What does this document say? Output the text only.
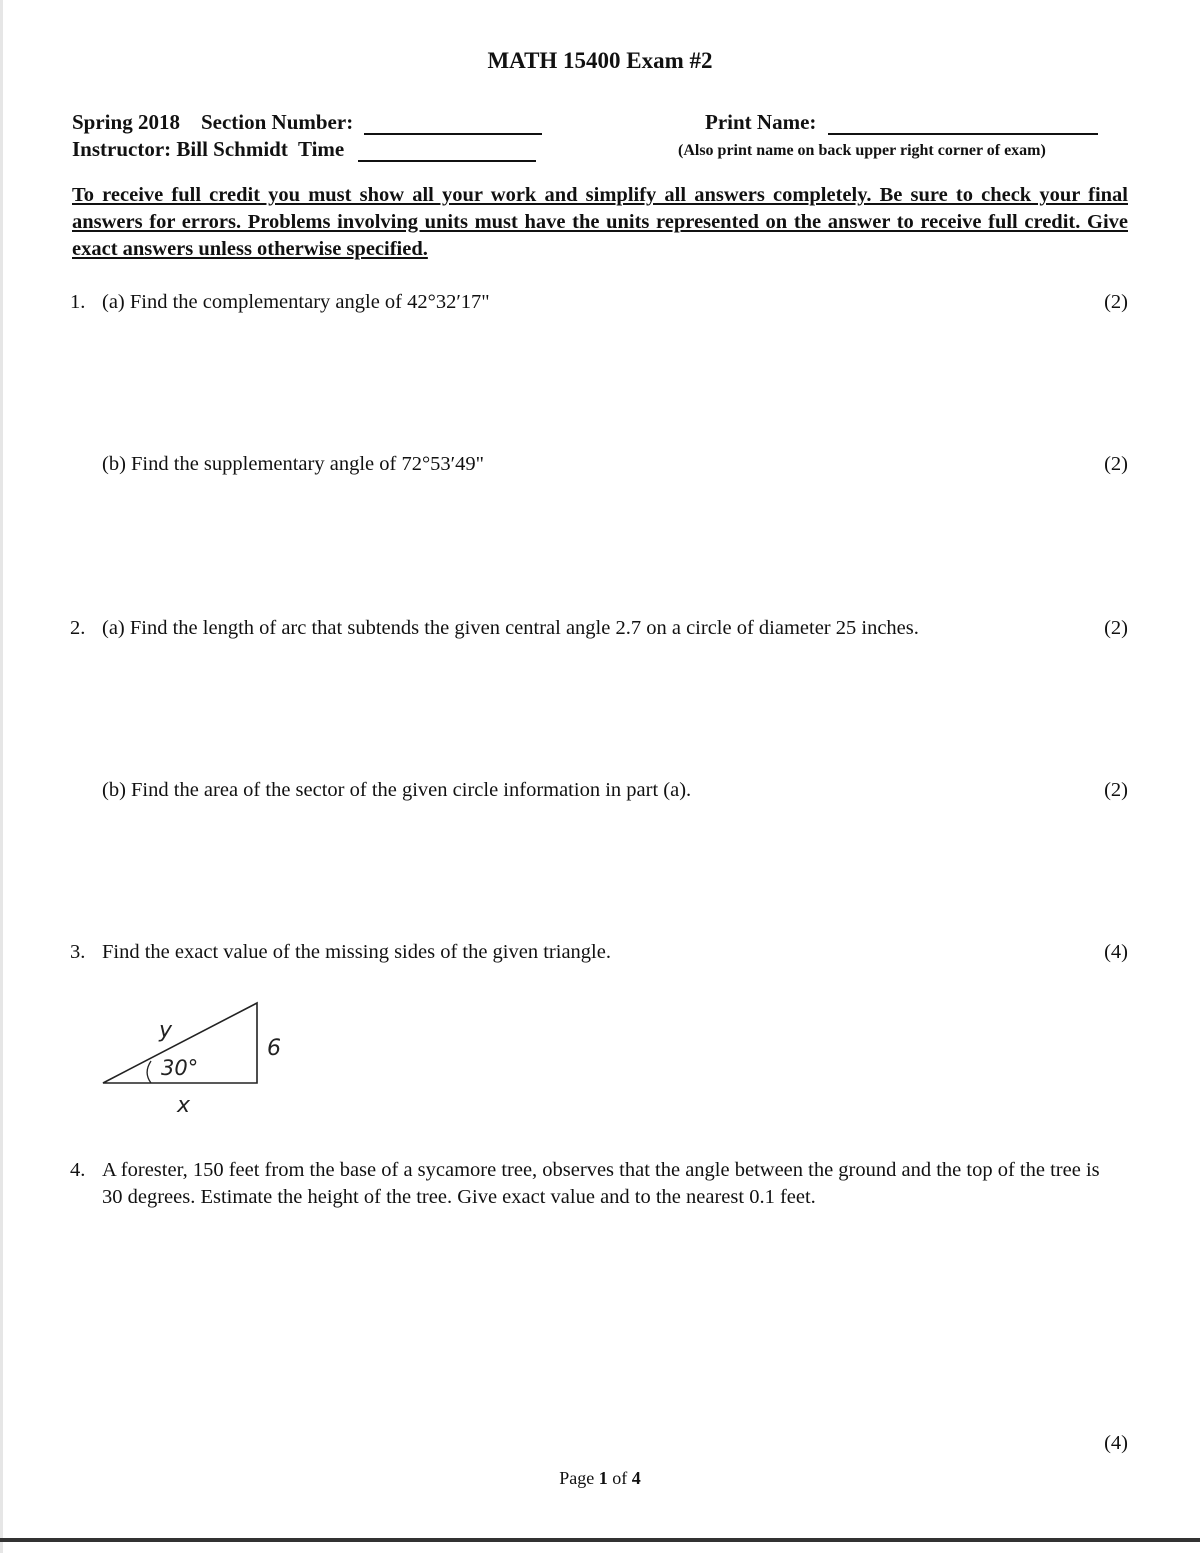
MATH 15400 Exam #2
Spring 2018 Section Number:
Instructor: Bill Schmidt Time
Print Name:
(Also print name on back upper right corner of exam)
To receive full credit you must show all your work and simplify all answers completely. Be sure to check your final answers for errors. Problems involving units must have the units represented on the answer to receive full credit. Give exact answers unless otherwise specified.
1. (a) Find the complementary angle of 42°32′17"	(2)
(b) Find the supplementary angle of 72°53′49"	(2)
2. (a) Find the length of arc that subtends the given central angle 2.7 on a circle of diameter 25 inches.	(2)
(b) Find the area of the sector of the given circle information in part (a).	(2)
3. Find the exact value of the missing sides of the given triangle.	(4)
y
30°
6
x
4. A forester, 150 feet from the base of a sycamore tree, observes that the angle between the ground and the top of the tree is 30 degrees. Estimate the height of the tree. Give exact value and to the nearest 0.1 feet.
(4)
Page 1 of 4
